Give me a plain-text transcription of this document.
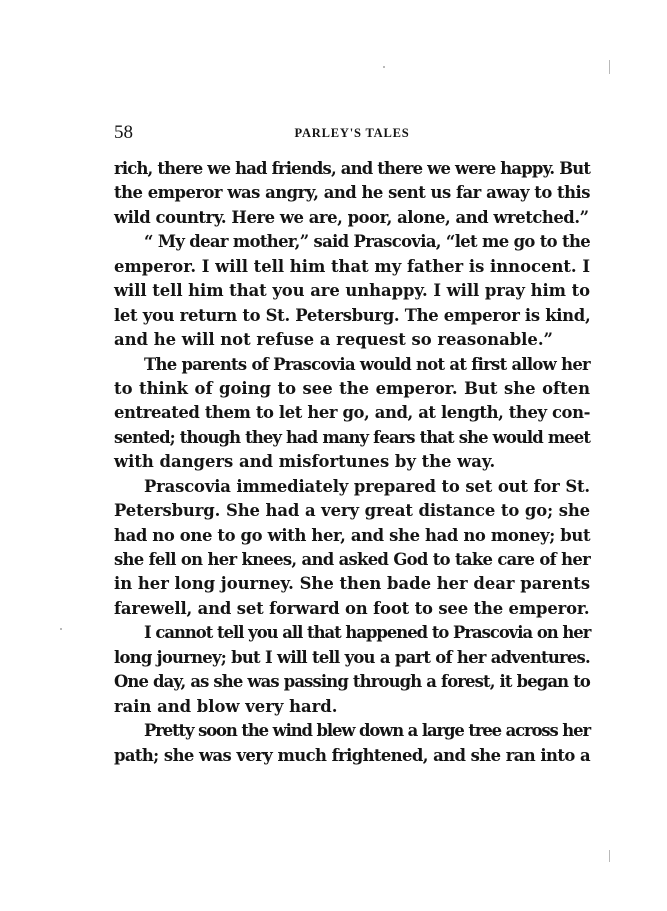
58	PARLEY'S TALES
rich, there we had friends, and there we were happy. But
the emperor was angry, and he sent us far away to this
wild country. Here we are, poor, alone, and wretched.”
“ My dear mother,” said Prascovia, “let me go to the
emperor. I will tell him that my father is innocent. I
will tell him that you are unhappy. I will pray him to
let you return to St. Petersburg. The emperor is kind,
and he will not refuse a request so reasonable.”
The parents of Prascovia would not at first allow her
to think of going to see the emperor. But she often
entreated them to let her go, and, at length, they con-
sented; though they had many fears that she would meet
with dangers and misfortunes by the way.
Prascovia immediately prepared to set out for St.
Petersburg. She had a very great distance to go; she
had no one to go with her, and she had no money; but
she fell on her knees, and asked God to take care of her
in her long journey. She then bade her dear parents
farewell, and set forward on foot to see the emperor.
I cannot tell you all that happened to Prascovia on her
long journey; but I will tell you a part of her adventures.
One day, as she was passing through a forest, it began to
rain and blow very hard.
Pretty soon the wind blew down a large tree across her
path; she was very much frightened, and she ran into a
